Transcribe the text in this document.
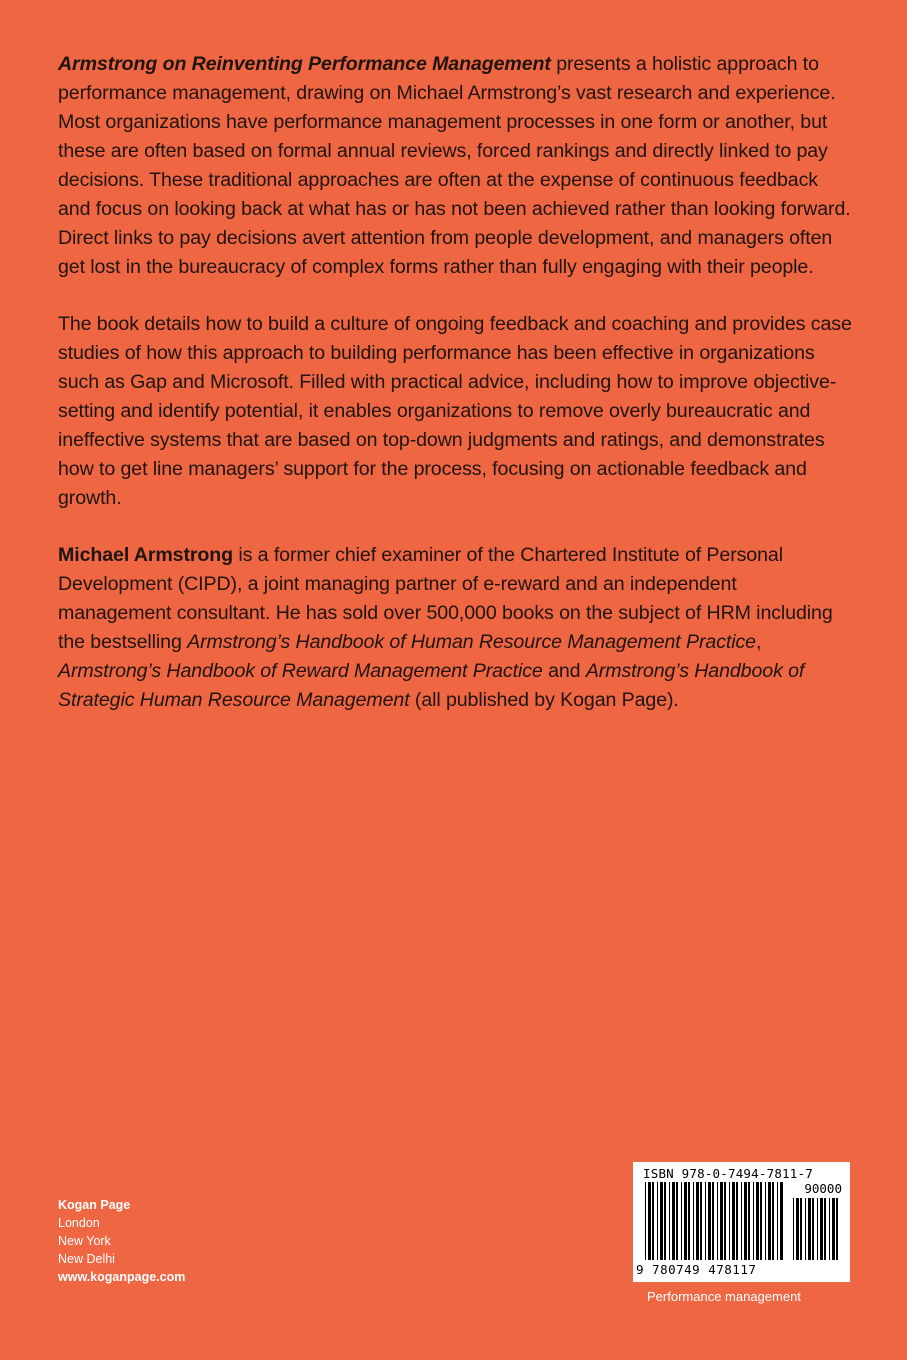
Armstrong on Reinventing Performance Management presents a holistic approach to performance management, drawing on Michael Armstrong’s vast research and experience. Most organizations have performance management processes in one form or another, but these are often based on formal annual reviews, forced rankings and directly linked to pay decisions. These traditional approaches are often at the expense of continuous feedback and focus on looking back at what has or has not been achieved rather than looking forward. Direct links to pay decisions avert attention from people development, and managers often get lost in the bureaucracy of complex forms rather than fully engaging with their people.

The book details how to build a culture of ongoing feedback and coaching and provides case studies of how this approach to building performance has been effective in organizations such as Gap and Microsoft. Filled with practical advice, including how to improve objective-setting and identify potential, it enables organizations to remove overly bureaucratic and ineffective systems that are based on top-down judgments and ratings, and demonstrates how to get line managers’ support for the process, focusing on actionable feedback and growth.

Michael Armstrong is a former chief examiner of the Chartered Institute of Personal Development (CIPD), a joint managing partner of e-reward and an independent management consultant. He has sold over 500,000 books on the subject of HRM including the bestselling Armstrong’s Handbook of Human Resource Management Practice, Armstrong’s Handbook of Reward Management Practice and Armstrong’s Handbook of Strategic Human Resource Management (all published by Kogan Page).

Kogan Page
London
New York
New Delhi
www.koganpage.com
ISBN 978-0-7494-7811-7
90000
9 780749 478117
Performance management
